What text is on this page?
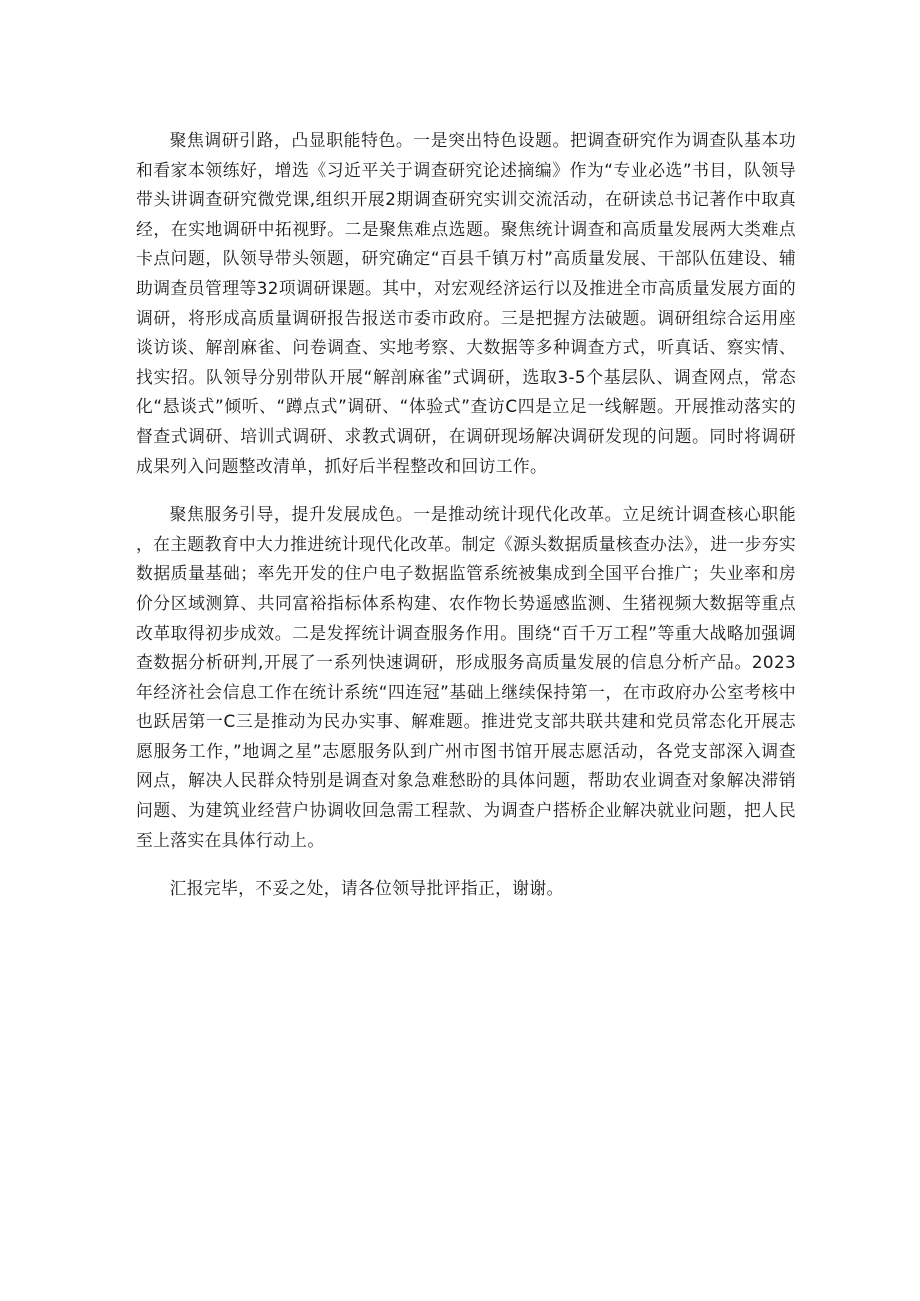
聚焦调研引路，凸显职能特色。一是突出特色设题。把调查研究作为调查队基本功和看家本领练好，增选《习近平关于调查研究论述摘编》作为“专业必选”书目，队领导带头讲调查研究微党课,组织开展2期调查研究实训交流活动，在研读总书记著作中取真经，在实地调研中拓视野。二是聚焦难点选题。聚焦统计调查和高质量发展两大类难点卡点问题，队领导带头领题，研究确定“百县千镇万村”高质量发展、干部队伍建设、辅助调查员管理等32项调研课题。其中，对宏观经济运行以及推进全市高质量发展方面的调研，将形成高质量调研报告报送市委市政府。三是把握方法破题。调研组综合运用座谈访谈、解剖麻雀、问卷调查、实地考察、大数据等多种调查方式，听真话、察实情、找实招。队领导分别带队开展“解剖麻雀”式调研，选取3-5个基层队、调查网点，常态化“悬谈式”倾听、“蹲点式”调研、“体验式”查访C四是立足一线解题。开展推动落实的督查式调研、培训式调研、求教式调研，在调研现场解决调研发现的问题。同时将调研成果列入问题整改清单，抓好后半程整改和回访工作。

聚焦服务引导，提升发展成色。一是推动统计现代化改革。立足统计调查核心职能，在主题教育中大力推进统计现代化改革。制定《源头数据质量核查办法》，进一步夯实数据质量基础；率先开发的住户电子数据监管系统被集成到全国平台推广；失业率和房价分区域测算、共同富裕指标体系构建、农作物长势遥感监测、生猪视频大数据等重点改革取得初步成效。二是发挥统计调查服务作用。围绕“百千万工程”等重大战略加强调查数据分析研判,开展了一系列快速调研，形成服务高质量发展的信息分析产品。2023年经济社会信息工作在统计系统“四连冠”基础上继续保持第一，在市政府办公室考核中也跃居第一C三是推动为民办实事、解难题。推进党支部共联共建和党员常态化开展志愿服务工作，”地调之星”志愿服务队到广州市图书馆开展志愿活动，各党支部深入调查网点，解决人民群众特别是调查对象急难愁盼的具体问题，帮助农业调查对象解决滞销问题、为建筑业经营户协调收回急需工程款、为调查户搭桥企业解决就业问题，把人民至上落实在具体行动上。

汇报完毕，不妥之处，请各位领导批评指正，谢谢。
